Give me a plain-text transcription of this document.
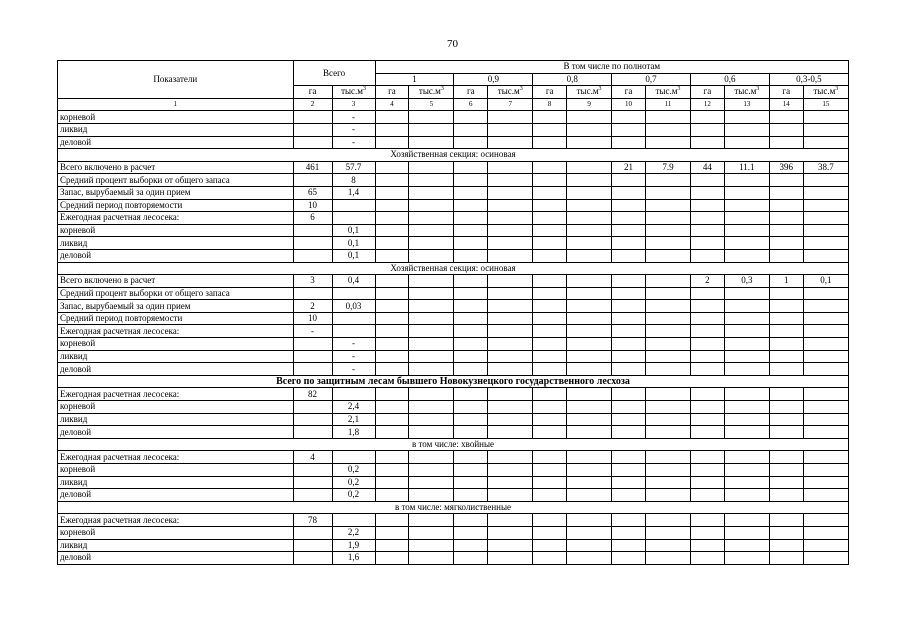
70
Показатели	Всего		В том числе по полнотам											
			1		0,9		0,8		0,7		0,6		0,3-0,5	
	га	$тыс.м^3$	га	$тыс.м^3$	га	$тыс.м^3$	га	$тыс.м^3$	га	$тыс.м^3$	га	$тыс.м^3$	га	$тыс.м^3$
1	2	3	4	5	6	7	8	9	10	11	12	13	14	15
корневой		-												
ликвид		-												
деловой		-												
Хозяйственная секция: осиновая														
Всего включено в расчет	461	57.7							21	7.9	44	11.1	396	38.7
Средний процент выборки от общего запаса		8												
Запас, вырубаемый за один прием	65	1,4												
Средний период повторяемости	10													
Ежегодная расчетная лесосека:	6													
корневой		0,1												
ликвид		0,1												
деловой		0,1												
Хозяйственная секция: осиновая														
Всего включено в расчет	3	0,4									2	0,3	1	0,1
Средний процент выборки от общего запаса														
Запас, вырубаемый за один прием	2	0,03												
Средний период повторяемости	10													
Ежегодная расчетная лесосека:	-													
корневой		-												
ликвид		-												
деловой		-												
Всего по защитным лесам бывшего Новокузнецкого государственного лесхоза														
Ежегодная расчетная лесосека:	82													
корневой		2,4												
ликвид		2,1												
деловой		1,8												
в том числе: хвойные														
Ежегодная расчетная лесосека:	4													
корневой		0,2												
ликвид		0,2												
деловой		0,2												
в том числе: мягколиственные														
Ежегодная расчетная лесосека:	78													
корневой		2,2												
ликвид		1,9												
деловой		1,6												
